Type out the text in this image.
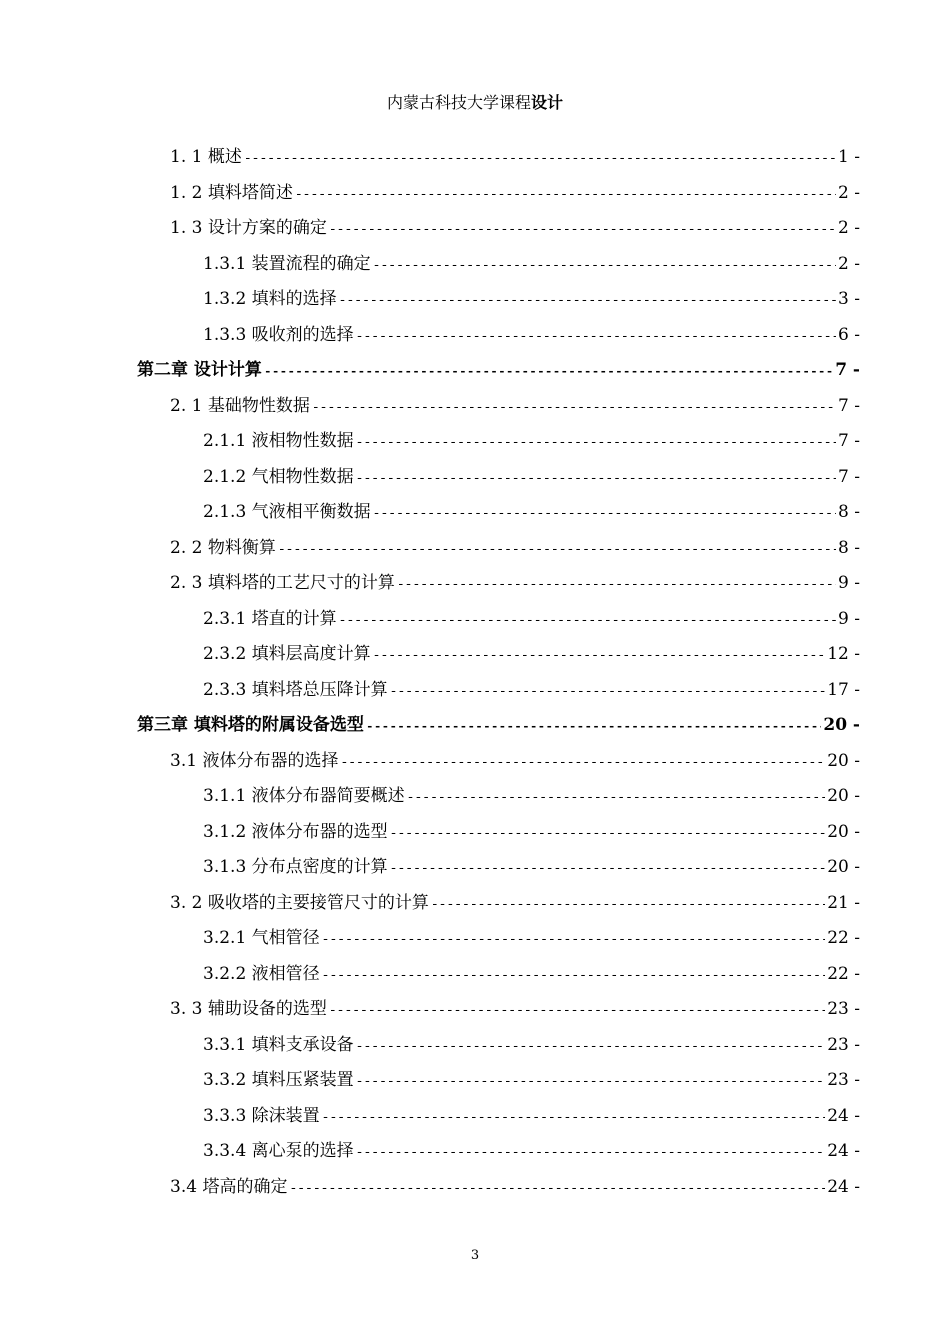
内蒙古科技大学课程设计
1. 1 概述 -----	1 -
1. 2 填料塔简述 -----	2 -
1. 3 设计方案的确定 -----	2 -
1.3.1 装置流程的确定 -----	2 -
1.3.2 填料的选择 -----	3 -
1.3.3 吸收剂的选择 -----	6 -
第二章 设计计算 -----	7 -
2. 1 基础物性数据 -----	7 -
2.1.1 液相物性数据 -----	7 -
2.1.2 气相物性数据 -----	7 -
2.1.3 气液相平衡数据 -----	8 -
2. 2 物料衡算 -----	8 -
2. 3 填料塔的工艺尺寸的计算 -----	9 -
2.3.1 塔直的计算 -----	9 -
2.3.2 填料层高度计算 -----	12 -
2.3.3 填料塔总压降计算 -----	17 -
第三章 填料塔的附属设备选型 -----	20 -
3.1 液体分布器的选择 -----	20 -
3.1.1 液体分布器简要概述 -----	20 -
3.1.2 液体分布器的选型 -----	20 -
3.1.3 分布点密度的计算 -----	20 -
3. 2 吸收塔的主要接管尺寸的计算 -----	21 -
3.2.1 气相管径 -----	22 -
3.2.2 液相管径 -----	22 -
3. 3 辅助设备的选型 -----	23 -
3.3.1 填料支承设备 -----	23 -
3.3.2 填料压紧装置 -----	23 -
3.3.3 除沫装置 -----	24 -
3.3.4 离心泵的选择 -----	24 -
3.4 塔高的确定 -----	24 -
3
